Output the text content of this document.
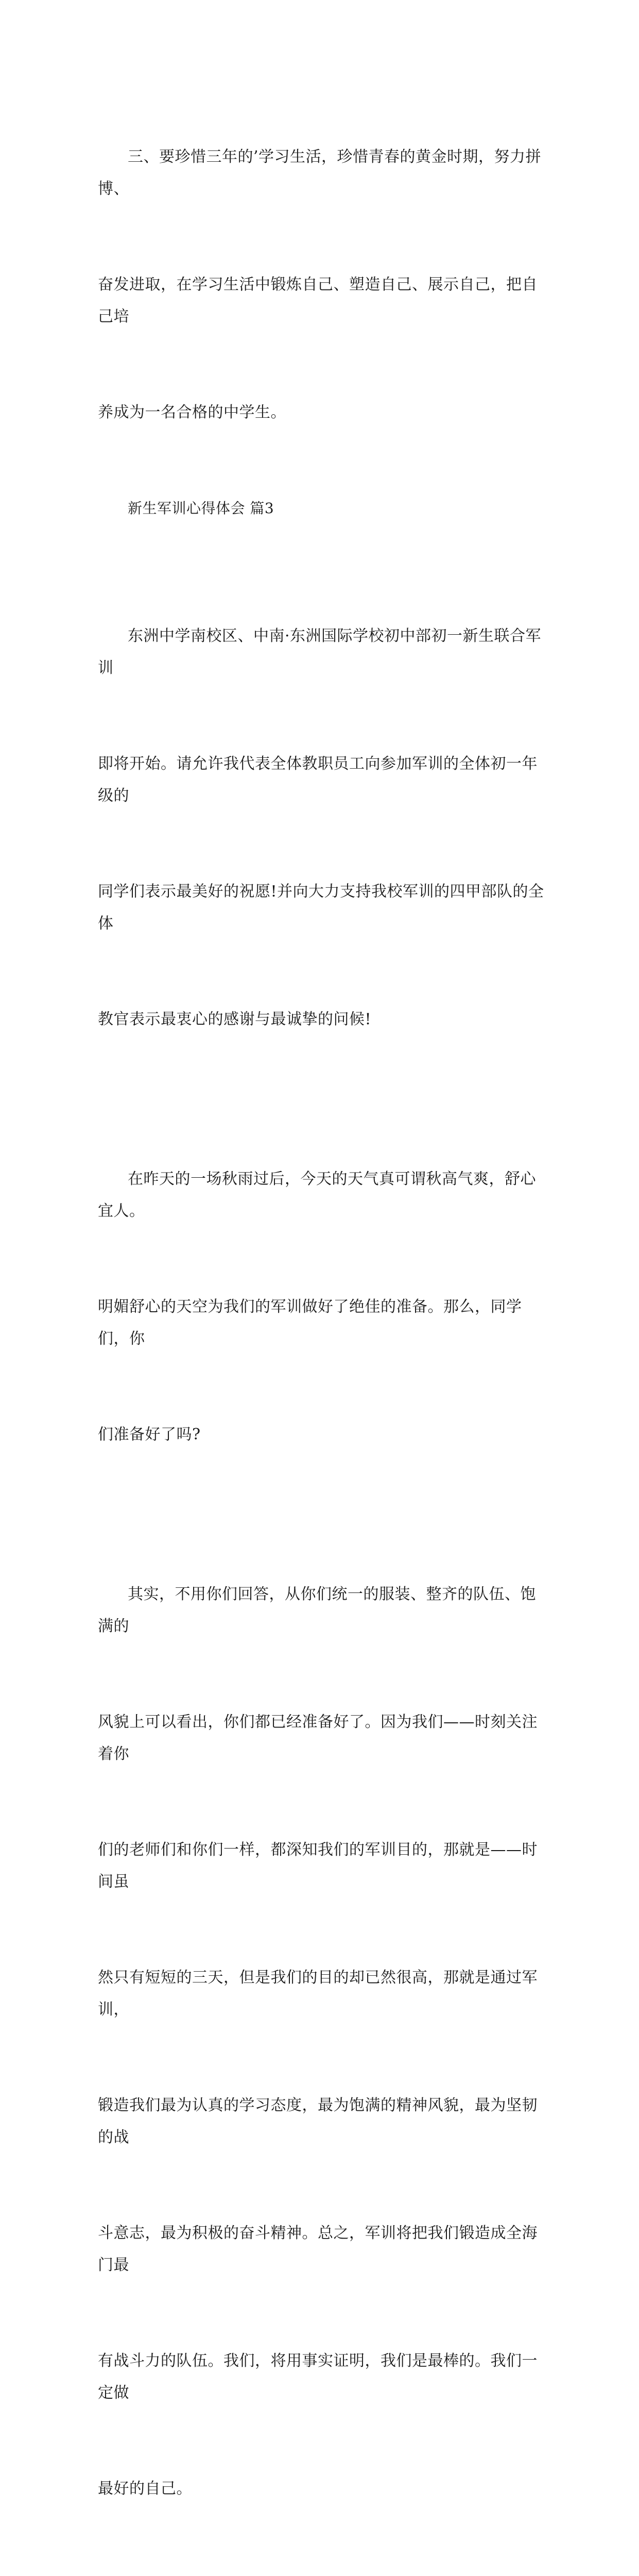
三、要珍惜三年的’学习生活，珍惜青春的黄金时期，努力拼博、

奋发进取，在学习生活中锻炼自己、塑造自己、展示自己，把自己培

养成为一名合格的中学生。

新生军训心得体会 篇3

东洲中学南校区、中南·东洲国际学校初中部初一新生联合军训

即将开始。请允许我代表全体教职员工向参加军训的全体初一年级的

同学们表示最美好的祝愿!并向大力支持我校军训的四甲部队的全体

教官表示最衷心的感谢与最诚挚的问候!

在昨天的一场秋雨过后，今天的天气真可谓秋高气爽，舒心宜人。

明媚舒心的天空为我们的军训做好了绝佳的准备。那么，同学们，你

们准备好了吗?

其实，不用你们回答，从你们统一的服装、整齐的队伍、饱满的

风貌上可以看出，你们都已经准备好了。因为我们——时刻关注着你

们的老师们和你们一样，都深知我们的军训目的，那就是——时间虽

然只有短短的三天，但是我们的目的却已然很高，那就是通过军训，

锻造我们最为认真的学习态度，最为饱满的精神风貌，最为坚韧的战

斗意志，最为积极的奋斗精神。总之，军训将把我们锻造成全海门最

有战斗力的队伍。我们，将用事实证明，我们是最棒的。我们一定做

最好的自己。
